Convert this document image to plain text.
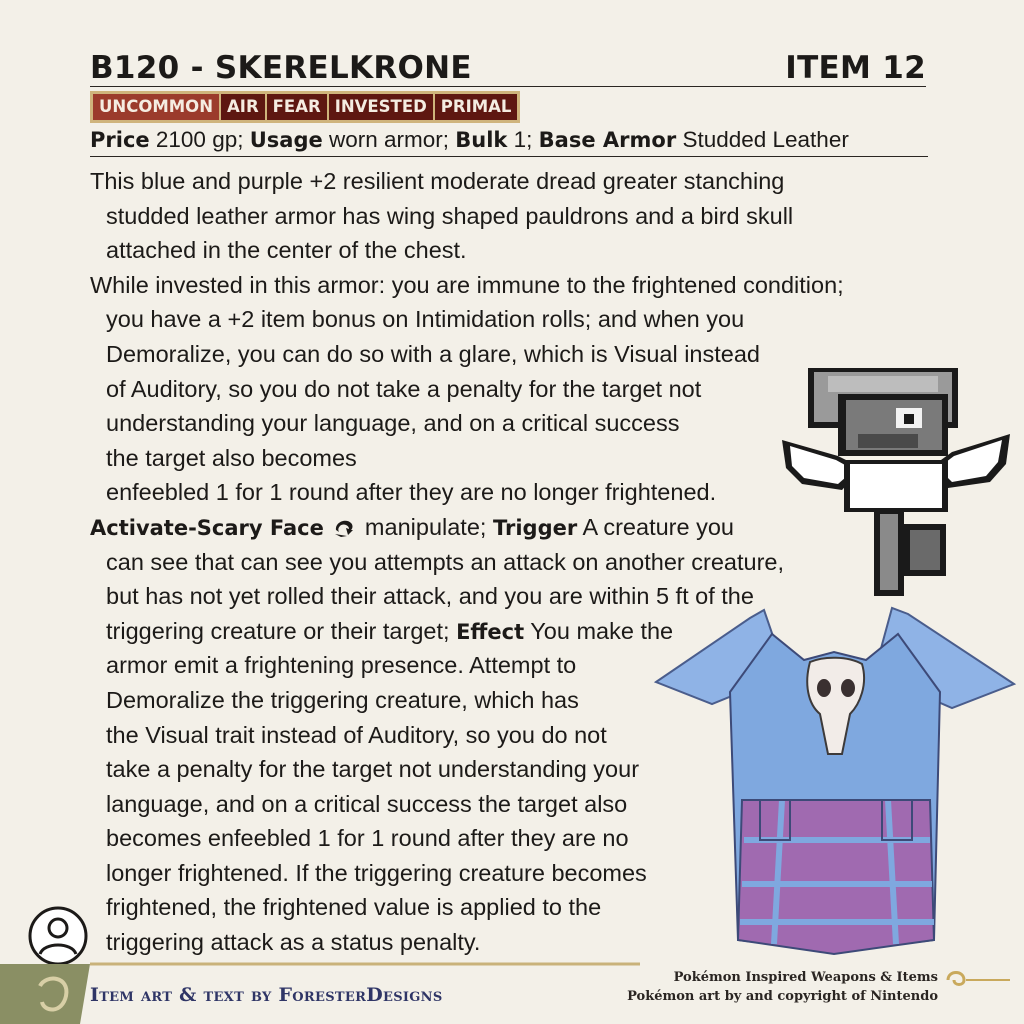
B120 - SKERELKRONE	ITEM 12
UNCOMMON AIR FEAR INVESTED PRIMAL
Price 2100 gp; Usage worn armor; Bulk 1; Base Armor Studded Leather
This blue and purple +2 resilient moderate dread greater stanching
studded leather armor has wing shaped pauldrons and a bird skull
attached in the center of the chest.
While invested in this armor: you are immune to the frightened condition;
you have a +2 item bonus on Intimidation rolls; and when you
Demoralize, you can do so with a glare, which is Visual instead
of Auditory, so you do not take a penalty for the target not
understanding your language, and on a critical success
the target also becomes
enfeebled 1 for 1 round after they are no longer frightened.
Activate-Scary Face  manipulate; Trigger A creature you
can see that can see you attempts an attack on another creature,
but has not yet rolled their attack, and you are within 5 ft of the
triggering creature or their target; Effect You make the
armor emit a frightening presence. Attempt to
Demoralize the triggering creature, which has
the Visual trait instead of Auditory, so you do not
take a penalty for the target not understanding your
language, and on a critical success the target also
becomes enfeebled 1 for 1 round after they are no
longer frightened. If the triggering creature becomes
frightened, the frightened value is applied to the
triggering attack as a status penalty.
Item art & text by ForesterDesigns
Pokémon Inspired Weapons & Items
Pokémon art by and copyright of Nintendo
